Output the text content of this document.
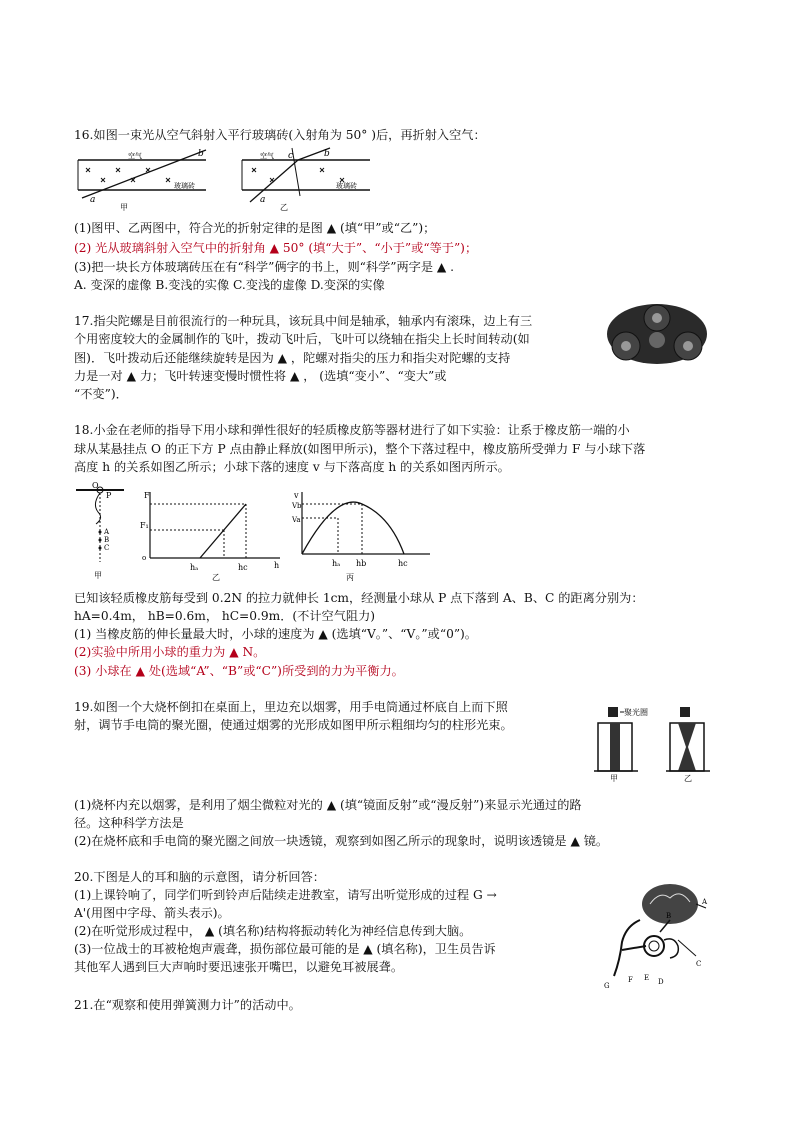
16.如图一束光从空气斜射入平行玻璃砖(入射角为 50° )后，再折射入空气：
b
a
玻璃砖
空气
甲
b
c
a
玻璃砖
空气
乙
(1)图甲、乙两图中，符合光的折射定律的是图 ▲ (填“甲”或“乙”)；
(2) 光从玻璃斜射入空气中的折射角 ▲ 50° (填“大于”、“小于”或“等于”)；
(3)把一块长方体玻璃砖压在有“科学”俩字的书上，则“科学”两字是 ▲ .
A. 变深的虚像 B.变浅的实像 C.变浅的虚像 D.变深的实像
17.指尖陀螺是目前很流行的一种玩具，该玩具中间是轴承，轴承内有滚珠，边上有三
个用密度较大的金属制作的飞叶，拨动飞叶后，飞叶可以绕轴在指尖上长时间转动(如
图)．飞叶拨动后还能继续旋转是因为 ▲ ，陀螺对指尖的压力和指尖对陀螺的支持
力是一对 ▲ 力；飞叶转速变慢时惯性将 ▲ ， (选填“变小”、“变大”或
“不变”)．
18.小金在老师的指导下用小球和弹性很好的轻质橡皮筋等器材进行了如下实验：让系于橡皮筋一端的小
球从某悬挂点 O 的正下方 P 点由静止释放(如图甲所示)，整个下落过程中，橡皮筋所受弹力 F 与小球下落
高度 h 的关系如图乙所示；小球下落的速度 v 与下落高度 h 的关系如图丙所示。
O
P
A
B
C
甲
F
h
o
F₁
hₐ	hc
乙
v
Vb
Va
hₐ hb	hc
丙
已知该轻质橡皮筋每受到 0.2N 的拉力就伸长 1cm，经测量小球从 P 点下落到 A、B、C 的距离分别为：
hA=0.4m， hB=0.6m， hC=0.9m．(不计空气阻力)
(1) 当橡皮筋的伸长量最大时，小球的速度为 ▲ (选填“V。”、“V。”或“0”)。
(2)实验中所用小球的重力为 ▲ N。
(3) 小球在 ▲ 处(选域“A”、“B”或“C”)所受到的力为平衡力。
19.如图一个大烧杯倒扣在桌面上，里边充以烟雾，用手电筒通过杯底自上而下照
射，调节手电筒的聚光圈，使通过烟雾的光形成如图甲所示粗细均匀的柱形光束。
聚光圈
甲	乙
(1)烧杯内充以烟雾，是利用了烟尘微粒对光的 ▲ (填“镜面反射”或“漫反射”)来显示光通过的路
径。这种科学方法是
(2)在烧杯底和手电筒的聚光圈之间放一块透镜，观察到如图乙所示的现象时，说明该透镜是 ▲ 镜。
20.下图是人的耳和脑的示意图，请分析回答：
(1)上课铃响了，同学们听到铃声后陆续走进教室，请写出听觉形成的过程 G →
A'(用图中字母、箭头表示)。
(2)在听觉形成过程中， ▲ (填名称)结构将振动转化为神经信息传到大脑。
(3)一位战士的耳被枪炮声震聋，损伤部位最可能的是 ▲ (填名称)，卫生员告诉
其他军人遇到巨大声响时要迅速张开嘴巴，以避免耳被展聋。
A
B
C
D
E
F
G
21.在“观察和使用弹簧测力计”的活动中。
